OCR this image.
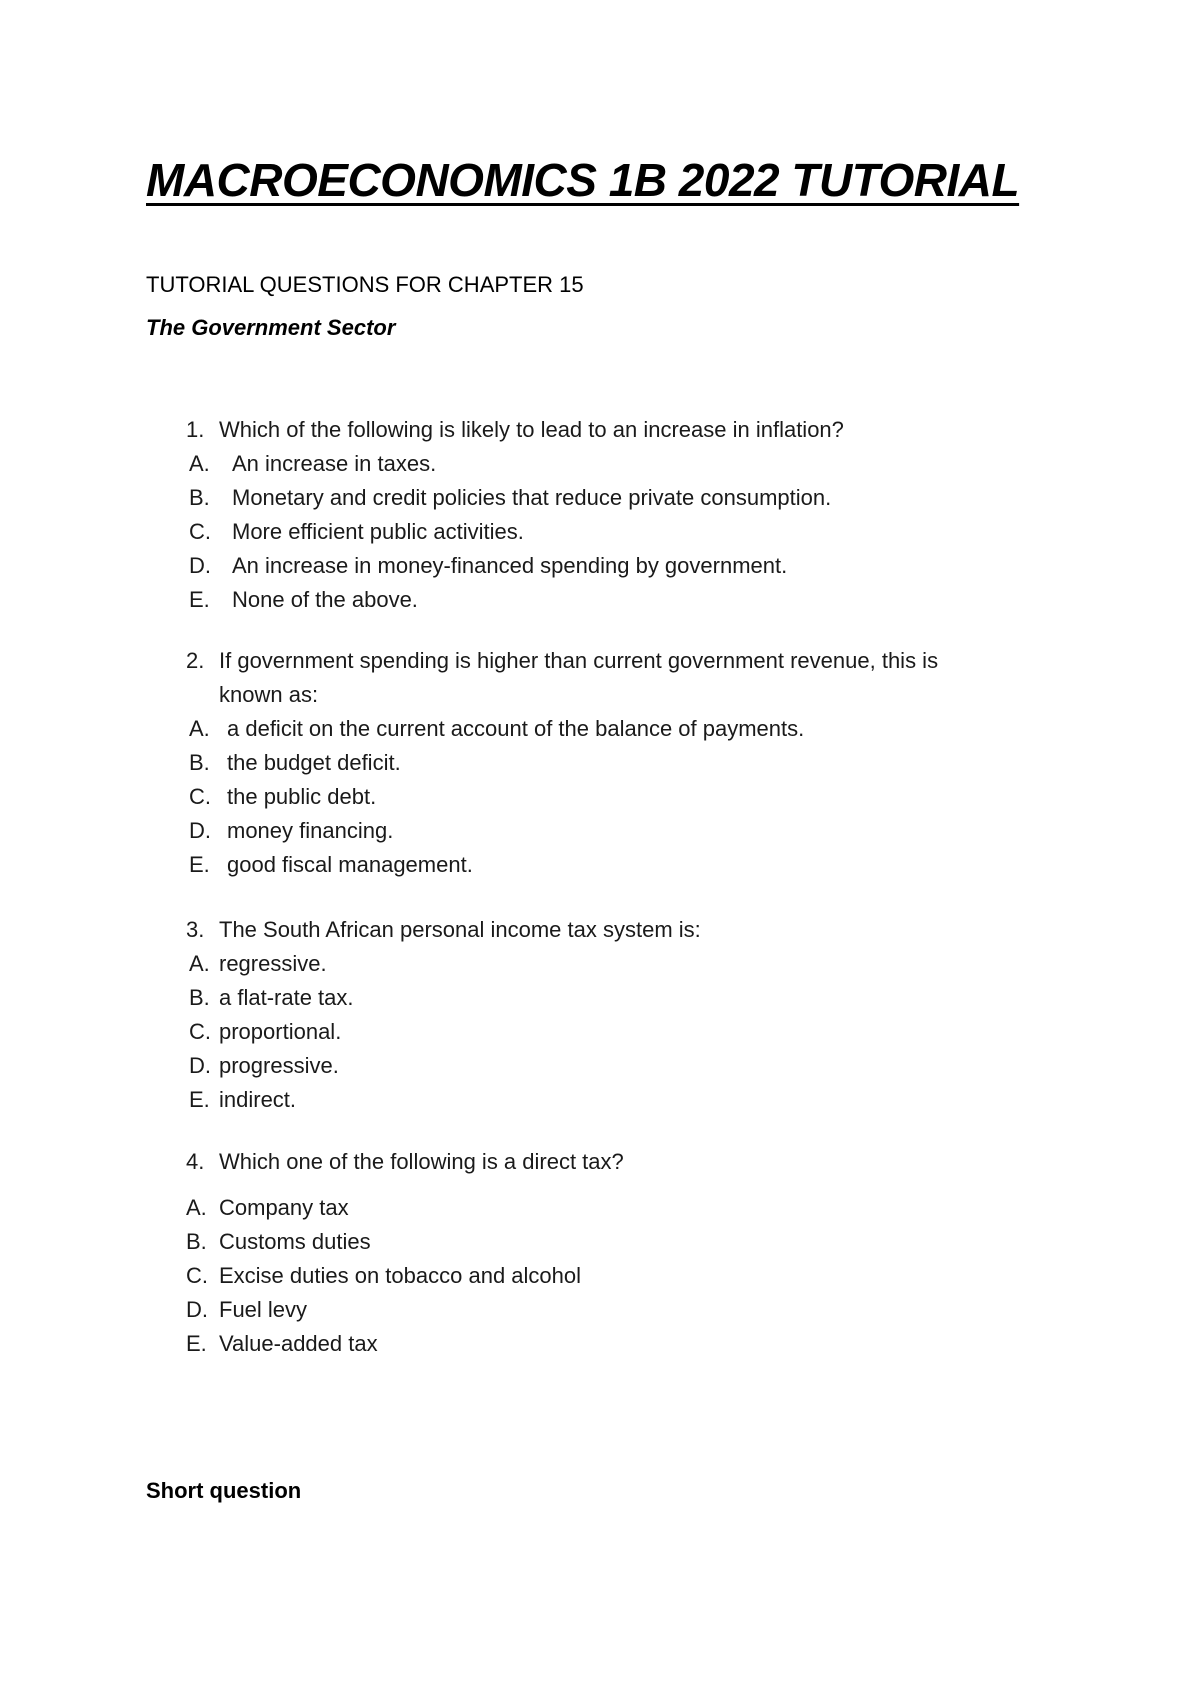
MACROECONOMICS 1B 2022 TUTORIAL
TUTORIAL QUESTIONS FOR CHAPTER 15
The Government Sector
1. Which of the following is likely to lead to an increase in inflation?
A. An increase in taxes.
B. Monetary and credit policies that reduce private consumption.
C. More efficient public activities.
D. An increase in money-financed spending by government.
E. None of the above.
2. If government spending is higher than current government revenue, this is
known as:
A. a deficit on the current account of the balance of payments.
B. the budget deficit.
C. the public debt.
D. money financing.
E. good fiscal management.
3. The South African personal income tax system is:
A. regressive.
B. a flat-rate tax.
C. proportional.
D. progressive.
E. indirect.
4. Which one of the following is a direct tax?
A. Company tax
B. Customs duties
C. Excise duties on tobacco and alcohol
D. Fuel levy
E. Value-added tax
Short question
